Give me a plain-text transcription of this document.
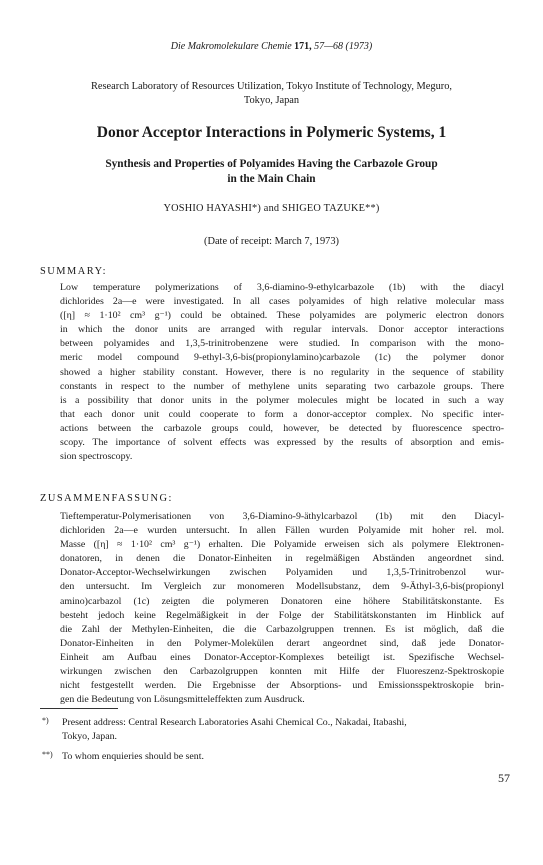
Die Makromolekulare Chemie 171, 57—68 (1973)
Research Laboratory of Resources Utilization, Tokyo Institute of Technology, Meguro,
Tokyo, Japan
Donor Acceptor Interactions in Polymeric Systems, 1
Synthesis and Properties of Polyamides Having the Carbazole Group
in the Main Chain
YOSHIO HAYASHI*) and SHIGEO TAZUKE**)
(Date of receipt: March 7, 1973)
SUMMARY:
Low temperature polymerizations of 3,6-diamino-9-ethylcarbazole (1b) with the diacyl
dichlorides 2a—e were investigated. In all cases polyamides of high relative molecular mass
([η] ≈ 1·10² cm³ g⁻¹) could be obtained. These polyamides are polymeric electron donors
in which the donor units are arranged with regular intervals. Donor acceptor interactions
between polyamides and 1,3,5-trinitrobenzene were studied. In comparison with the mono-
meric model compound 9-ethyl-3,6-bis(propionylamino)carbazole (1c) the polymer donor
showed a higher stability constant. However, there is no regularity in the sequence of stability
constants in respect to the number of methylene units separating two carbazole groups. There
is a possibility that donor units in the polymer molecules might be located in such a way
that each donor unit could cooperate to form a donor-acceptor complex. No specific inter-
actions between the carbazole groups could, however, be detected by fluorescence spectro-
scopy. The importance of solvent effects was expressed by the results of absorption and emis-
sion spectroscopy.
ZUSAMMENFASSUNG:
Tieftemperatur-Polymerisationen von 3,6-Diamino-9-äthylcarbazol (1b) mit den Diacyl-
dichloriden 2a—e wurden untersucht. In allen Fällen wurden Polyamide mit hoher rel. mol.
Masse ([η] ≈ 1·10² cm³ g⁻¹) erhalten. Die Polyamide erweisen sich als polymere Elektronen-
donatoren, in denen die Donator-Einheiten in regelmäßigen Abständen angeordnet sind.
Donator-Acceptor-Wechselwirkungen zwischen Polyamiden und 1,3,5-Trinitrobenzol wur-
den untersucht. Im Vergleich zur monomeren Modellsubstanz, dem 9-Äthyl-3,6-bis(propionyl
amino)carbazol (1c) zeigten die polymeren Donatoren eine höhere Stabilitätskonstante. Es
besteht jedoch keine Regelmäßigkeit in der Folge der Stabilitätskonstanten im Hinblick auf
die Zahl der Methylen-Einheiten, die die Carbazolgruppen trennen. Es ist möglich, daß die
Donator-Einheiten in den Polymer-Molekülen derart angeordnet sind, daß jede Donator-
Einheit am Aufbau eines Donator-Acceptor-Komplexes beteiligt ist. Spezifische Wechsel-
wirkungen zwischen den Carbazolgruppen konnten mit Hilfe der Fluoreszenz-Spektroskopie
nicht festgestellt werden. Die Ergebnisse der Absorptions- und Emissionsspektroskopie brin-
gen die Bedeutung von Lösungsmitteleffekten zum Ausdruck.
*) Present address: Central Research Laboratories Asahi Chemical Co., Nakadai, Itabashi,
Tokyo, Japan.
**) To whom enquieries should be sent.
57
